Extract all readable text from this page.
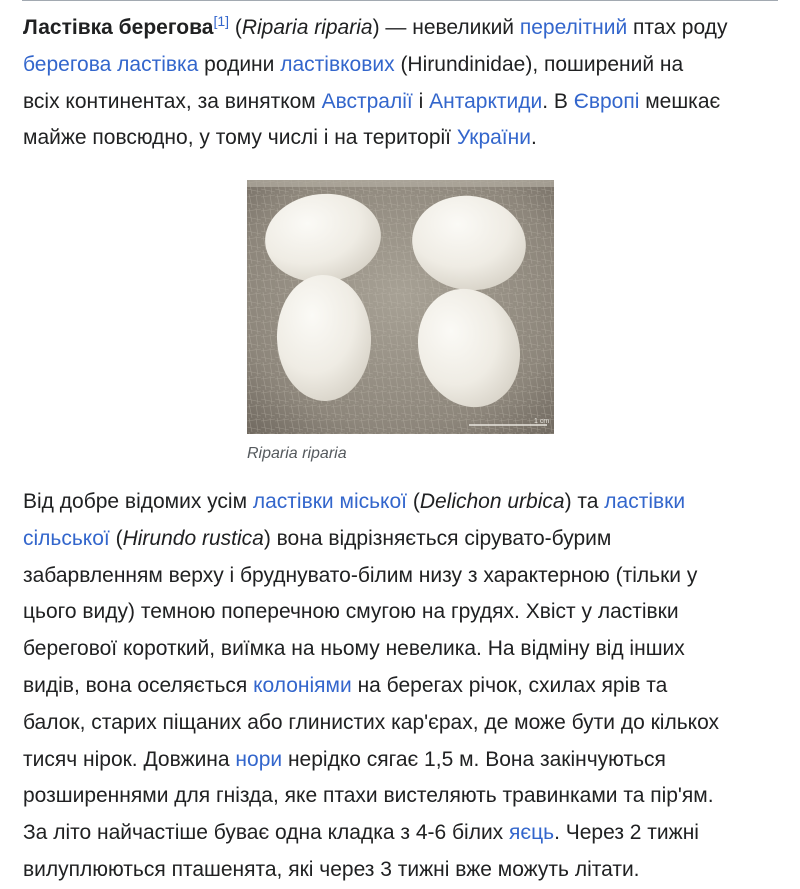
Ластівка берегова[1] (Riparia riparia) — невеликий перелітний птах роду
берегова ластівка родини ластівкових (Hirundinidae), поширений на
всіх континентах, за винятком Австралії і Антарктиди. В Європі мешкає
майже повсюдно, у тому числі і на території України.

1 cm
Riparia riparia

Від добре відомих усім ластівки міської (Delichon urbica) та ластівки
сільської (Hirundo rustica) вона відрізняється сірувато-бурим
забарвленням верху і бруднувато-білим низу з характерною (тільки у
цього виду) темною поперечною смугою на грудях. Хвіст у ластівки
берегової короткий, виїмка на ньому невелика. На відміну від інших
видів, вона оселяється колоніями на берегах річок, схилах ярів та
балок, старих піщаних або глинистих кар'єрах, де може бути до кількох
тисяч нірок. Довжина нори нерідко сягає 1,5 м. Вона закінчуються
розширеннями для гнізда, яке птахи вистеляють травинками та пір'ям.
За літо найчастіше буває одна кладка з 4-6 білих яєць. Через 2 тижні
вилуплюються пташенята, які через 3 тижні вже можуть літати.
